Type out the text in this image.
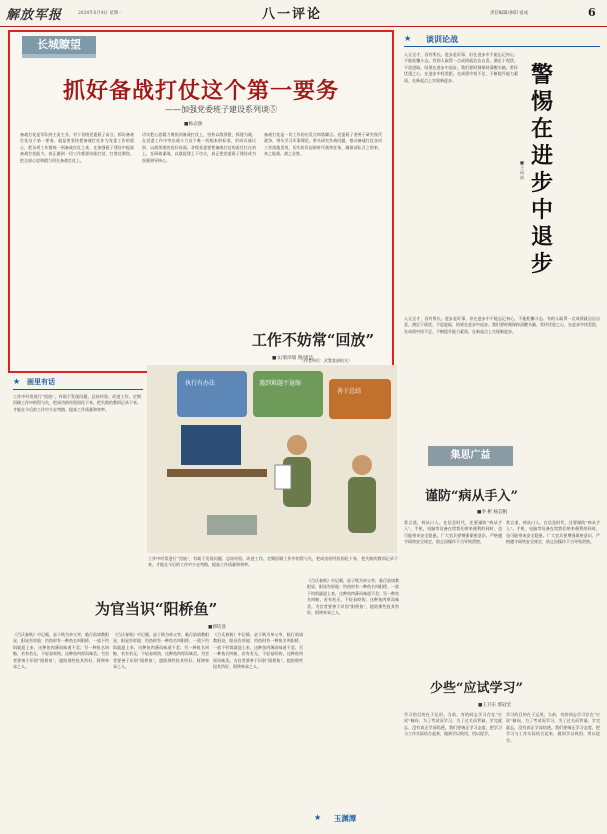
解放军报	2024年6月4日 星期一	八一评论	责任编辑/孙阳 宿成	6
长城瞭望
抓好备战打仗这个第一要务
——加强党委班子建设系列谈⑤
■杨志强
备战打仗是军队的主责主业。对于各级党委班子而言，抓好备战打仗这个第一要务，就是要坚持把备战打仗作为党委工作的重心，把各项工作都统一到备战打仗上来，在加强班子建设中提高备战打仗能力。真正做到一切工作都要向能打仗、打胜仗聚焦，把全部心思和精力用在备战打仗上。
切实把心思精力聚焦到备战打仗上，坚持以战领建，抓建为战，在党委工作中突出战斗力这个唯一的根本的标准，形成议战议训、以战领建的良好局面。各级党委要把备战打仗的责任扛在肩上，在研战谋战、以战促建上下功夫，真正把党委班子建设成为坚强领导核心。
备战打仗是一切工作的出发点和落脚点。党委班子要善于研究现代战争，带头学习军事理论，带头研究作战问题，推动备战打仗各项工作落地见效，切实担负起新时代使命任务，确保部队召之即来、来之能战、战之必胜。
（作者单位：武警某部机关）
★ 谈训论战
人无全才，各有所长。进步是好事，但在进步中不能忘记初心，不能松懈斗志。有的人取得一点成绩就沾沾自喜，满足于现状，不思进取，结果在进步中退步。我们要时刻保持清醒头脑，常怀忧患之心，在进步中找差距，在成绩中找不足，不断提升能力素质，在新起点上实现新进步。	警惕在进步中退步
■王向前
人无全才，各有所长。进步是好事，但在进步中不能忘记初心，不能松懈斗志。有的人取得一点成绩就沾沾自喜，满足于现状，不思进取，结果在进步中退步。我们要时刻保持清醒头脑，常怀忧患之心，在进步中找差距，在成绩中找不足，不断提升能力素质，在新起点上实现新进步。
★ 画里有话
工作不妨常“回放”
■文/梁泽瑞 图/周洁
工作中经常进行“回放”，有助于发现问题、总结经验、改进工作。定期回顾工作中的得与失，把成功的经验固化下来，把失败的教训记录下来，才能在今后的工作中少走弯路，提高工作质量和效率。
执行有办法	遇到难题不退缩
善于总结
工作中经常进行“回放”，有助于发现问题、总结经验、改进工作。定期回顾工作中的得与失，把成功的经验固化下来，把失败的教训记录下来，才能在今后的工作中少走弯路，提高工作质量和效率。
集思广益
谨防“病从手入”
■李 彬 杨芸帆
常言道，病从口入。在信息时代，还要谨防“病从手入”。手机、电脑等设备在给我们带来便利的同时，也可能带来安全隐患。广大官兵要增强保密意识，严格遵守网络安全规定，防止因操作不当导致泄密。
常言道，病从口入。在信息时代，还要谨防“病从手入”。手机、电脑等设备在给我们带来便利的同时，也可能带来安全隐患。广大官兵要增强保密意识，严格遵守网络安全规定，防止因操作不当导致泄密。
为官当识“阳桥鱼”
■郭培彦
《吕氏春秋》中记载，宓子贱为单父宰，临行前请教阳昼，阳昼告诉他：钓鱼时有一种鱼名叫阳桥，一放下钓饵就迎上来，这种鱼肉薄而味道不美；另一种鱼名叫鲂，若有若无，不轻易咬钩，这种鱼肉厚而味美。为官者要善于识别“阳桥鱼”，提防那些投其所好、阿谀奉承之人。
《吕氏春秋》中记载，宓子贱为单父宰，临行前请教阳昼，阳昼告诉他：钓鱼时有一种鱼名叫阳桥，一放下钓饵就迎上来，这种鱼肉薄而味道不美；另一种鱼名叫鲂，若有若无，不轻易咬钩，这种鱼肉厚而味美。为官者要善于识别“阳桥鱼”，提防那些投其所好、阿谀奉承之人。
《吕氏春秋》中记载，宓子贱为单父宰，临行前请教阳昼，阳昼告诉他：钓鱼时有一种鱼名叫阳桥，一放下钓饵就迎上来，这种鱼肉薄而味道不美；另一种鱼名叫鲂，若有若无，不轻易咬钩，这种鱼肉厚而味美。为官者要善于识别“阳桥鱼”，提防那些投其所好、阿谀奉承之人。
《吕氏春秋》中记载，宓子贱为单父宰，临行前请教阳昼，阳昼告诉他：钓鱼时有一种鱼名叫阳桥，一放下钓饵就迎上来，这种鱼肉薄而味道不美；另一种鱼名叫鲂，若有若无，不轻易咬钩，这种鱼肉厚而味美。为官者要善于识别“阳桥鱼”，提防那些投其所好、阿谀奉承之人。
少些“应试学习”
■王卫东 郭冠宏
学习的目的在于运用。当前，有的同志学习存在“应试”倾向，为了考试而学习，为了过关而背诵，学完就忘，没有真正学深悟透。我们要端正学习态度，把学习与工作实际结合起来，做到学以致用、用以促学。
学习的目的在于运用。当前，有的同志学习存在“应试”倾向，为了考试而学习，为了过关而背诵，学完就忘，没有真正学深悟透。我们要端正学习态度，把学习与工作实际结合起来，做到学以致用、用以促学。
★ 玉渊潭
